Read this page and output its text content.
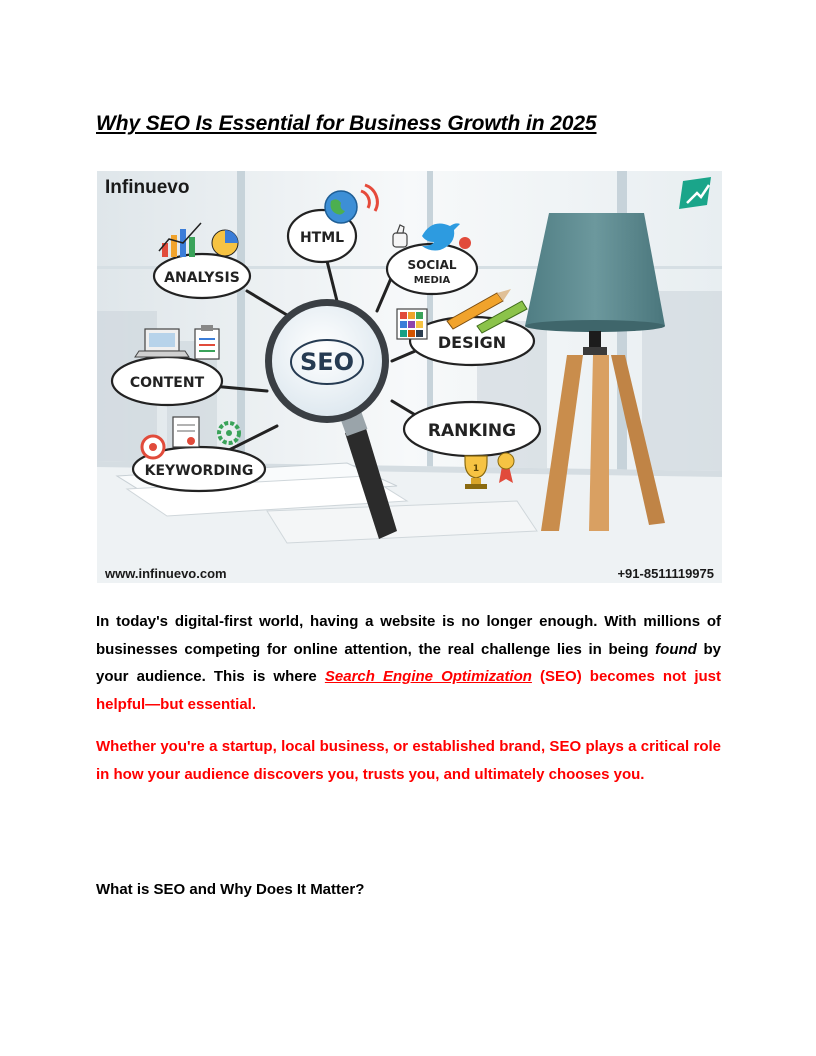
Why SEO Is Essential for Business Growth in 2025
ANALYSIS
HTML
SOCIAL
MEDIA
DESIGN
CONTENT
RANKING
1
KEYWORDING
SEO
Infinuevo
www.infinuevo.com	+91-8511119975

In today's digital-first world, having a website is no longer enough. With millions of businesses competing for online attention, the real challenge lies in being found by your audience. This is where Search Engine Optimization (SEO) becomes not just helpful—but essential.

Whether you're a startup, local business, or established brand, SEO plays a critical role in how your audience discovers you, trusts you, and ultimately chooses you.

What is SEO and Why Does It Matter?
